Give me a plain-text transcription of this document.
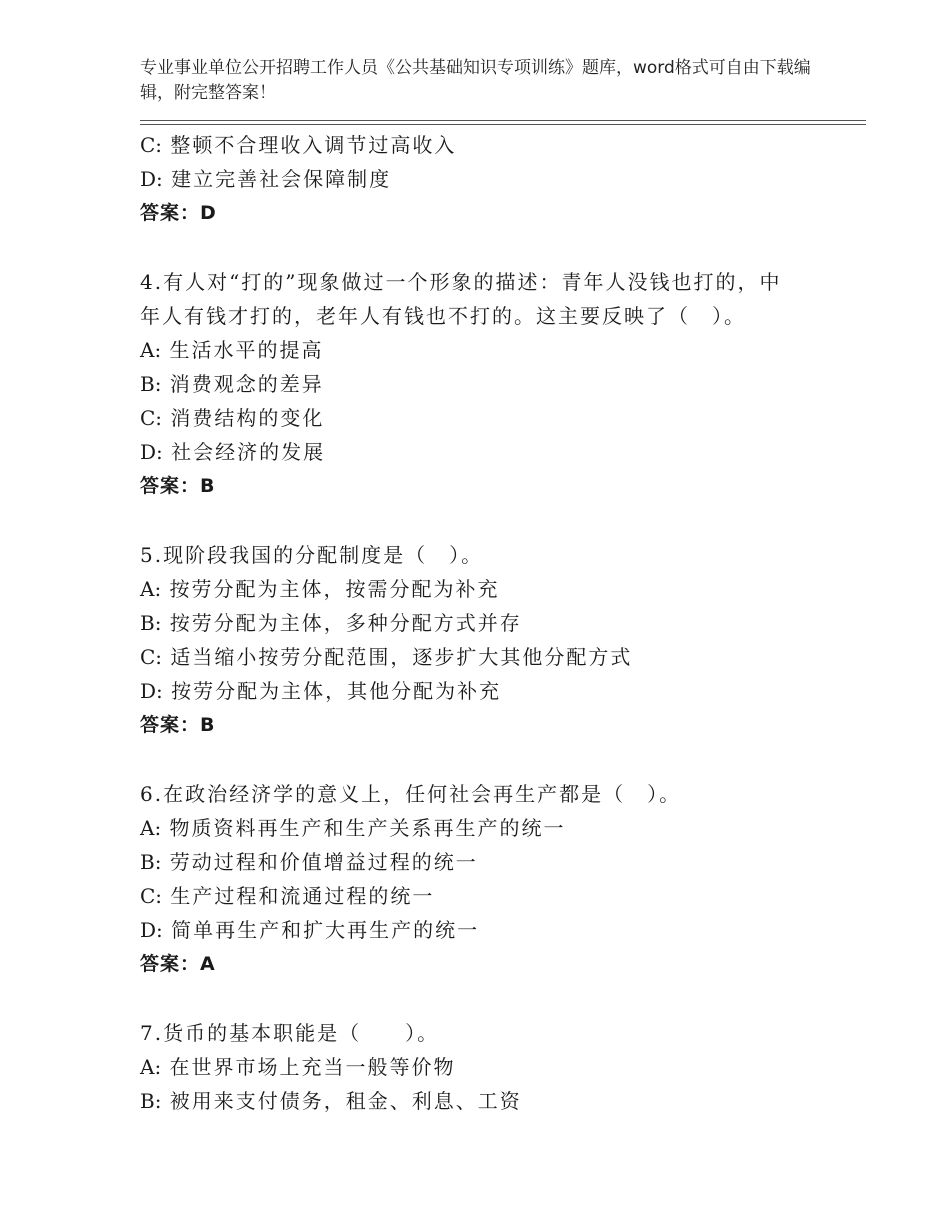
专业事业单位公开招聘工作人员《公共基础知识专项训练》题库，word格式可自由下载编辑，附完整答案！
C: 整顿不合理收入调节过高收入
D: 建立完善社会保障制度
答案：D
4.有人对“打的”现象做过一个形象的描述：青年人没钱也打的，中年人有钱才打的，老年人有钱也不打的。这主要反映了（　）。
A: 生活水平的提高
B: 消费观念的差异
C: 消费结构的变化
D: 社会经济的发展
答案：B
5.现阶段我国的分配制度是（　）。
A: 按劳分配为主体，按需分配为补充
B: 按劳分配为主体，多种分配方式并存
C: 适当缩小按劳分配范围，逐步扩大其他分配方式
D: 按劳分配为主体，其他分配为补充
答案：B
6.在政治经济学的意义上，任何社会再生产都是（　）。
A: 物质资料再生产和生产关系再生产的统一
B: 劳动过程和价值增益过程的统一
C: 生产过程和流通过程的统一
D: 简单再生产和扩大再生产的统一
答案：A
7.货币的基本职能是（　　）。
A: 在世界市场上充当一般等价物
B: 被用来支付债务，租金、利息、工资
